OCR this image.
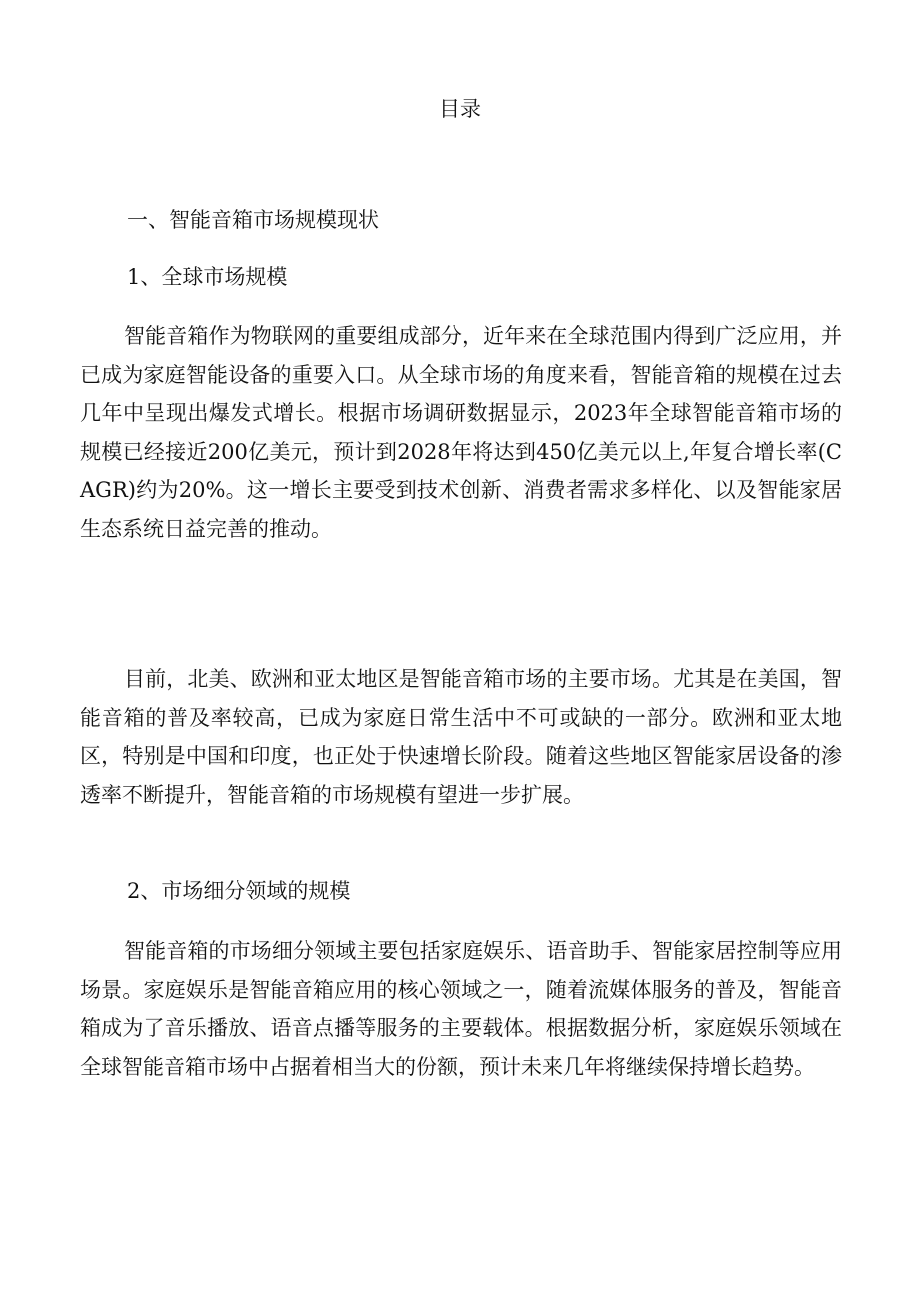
目录
一、智能音箱市场规模现状
1、全球市场规模

智能音箱作为物联网的重要组成部分，近年来在全球范围内得到广泛应用，并已成为家庭智能设备的重要入口。从全球市场的角度来看，智能音箱的规模在过去几年中呈现出爆发式增长。根据市场调研数据显示，2023年全球智能音箱市场的规模已经接近200亿美元，预计到2028年将达到450亿美元以上,年复合增长率(CAGR)约为20%。这一增长主要受到技术创新、消费者需求多样化、以及智能家居生态系统日益完善的推动。

目前，北美、欧洲和亚太地区是智能音箱市场的主要市场。尤其是在美国，智能音箱的普及率较高，已成为家庭日常生活中不可或缺的一部分。欧洲和亚太地区，特别是中国和印度，也正处于快速增长阶段。随着这些地区智能家居设备的渗透率不断提升，智能音箱的市场规模有望进一步扩展。

2、市场细分领域的规模

智能音箱的市场细分领域主要包括家庭娱乐、语音助手、智能家居控制等应用场景。家庭娱乐是智能音箱应用的核心领域之一，随着流媒体服务的普及，智能音箱成为了音乐播放、语音点播等服务的主要载体。根据数据分析，家庭娱乐领域在全球智能音箱市场中占据着相当大的份额，预计未来几年将继续保持增长趋势。
